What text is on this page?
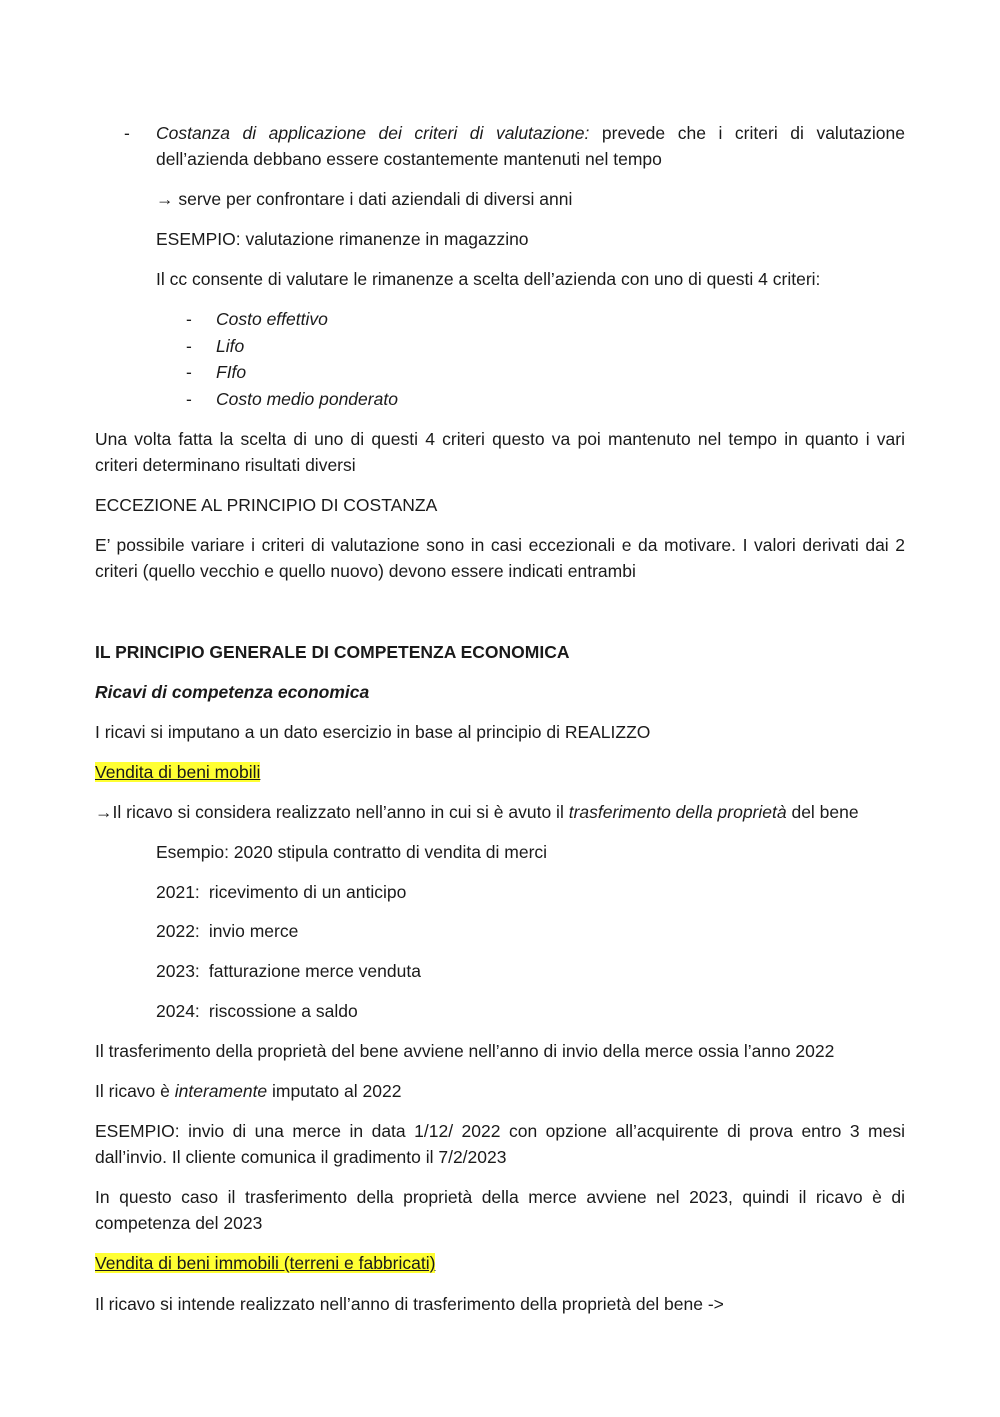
- Costanza di applicazione dei criteri di valutazione: prevede che i criteri di valutazione dell’azienda debbano essere costantemente mantenuti nel tempo

→ serve per confrontare i dati aziendali di diversi anni

ESEMPIO: valutazione rimanenze in magazzino

Il cc consente di valutare le rimanenze a scelta dell’azienda con uno di questi 4 criteri:

- Costo effettivo

- Lifo

- FIfo

- Costo medio ponderato

Una volta fatta la scelta di uno di questi 4 criteri questo va poi mantenuto nel tempo in quanto i vari criteri determinano risultati diversi

ECCEZIONE AL PRINCIPIO DI COSTANZA

E’ possibile variare i criteri di valutazione sono in casi eccezionali e da motivare. I valori derivati dai 2 criteri (quello vecchio e quello nuovo) devono essere indicati entrambi

IL PRINCIPIO GENERALE DI COMPETENZA ECONOMICA

Ricavi di competenza economica

I ricavi si imputano a un dato esercizio in base al principio di REALIZZO

Vendita di beni mobili

→Il ricavo si considera realizzato nell’anno in cui si è avuto il trasferimento della proprietà del bene

Esempio: 2020 stipula contratto di vendita di merci

2021: ricevimento di un anticipo

2022: invio merce

2023: fatturazione merce venduta

2024: riscossione a saldo

Il trasferimento della proprietà del bene avviene nell’anno di invio della merce ossia l’anno 2022

Il ricavo è interamente imputato al 2022

ESEMPIO: invio di una merce in data 1/12/ 2022 con opzione all’acquirente di prova entro 3 mesi dall’invio. Il cliente comunica il gradimento il 7/2/2023

In questo caso il trasferimento della proprietà della merce avviene nel 2023, quindi il ricavo è di competenza del 2023

Vendita di beni immobili (terreni e fabbricati)

Il ricavo si intende realizzato nell’anno di trasferimento della proprietà del bene ->
